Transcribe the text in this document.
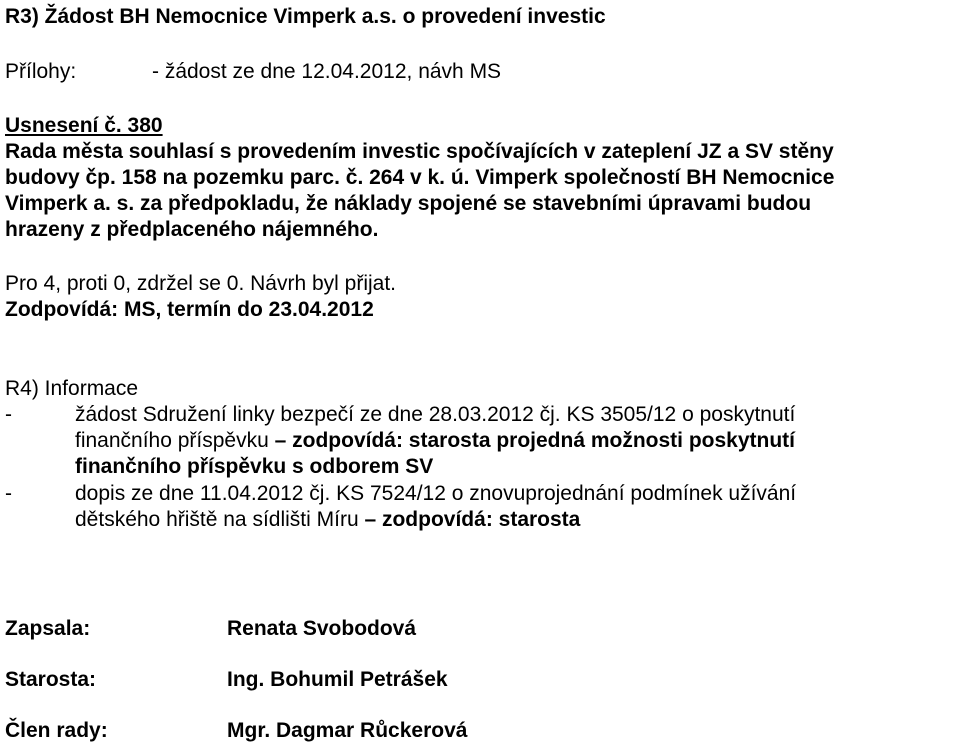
R3) Žádost BH Nemocnice Vimperk a.s. o provedení investic
Přílohy:	- žádost ze dne 12.04.2012, návh MS
Usnesení č. 380
Rada města souhlasí s provedením investic spočívajících v zateplení JZ a SV stěny
budovy čp. 158 na pozemku parc. č. 264 v k. ú. Vimperk společností BH Nemocnice
Vimperk a. s. za předpokladu, že náklady spojené se stavebními úpravami budou
hrazeny z předplaceného nájemného.
Pro 4, proti 0, zdržel se 0. Návrh byl přijat.
Zodpovídá: MS, termín do 23.04.2012
R4) Informace
-	žádost Sdružení linky bezpečí ze dne 28.03.2012 čj. KS 3505/12 o poskytnutí
finančního příspěvku – zodpovídá: starosta projedná možnosti poskytnutí
finančního příspěvku s odborem SV
-	dopis ze dne 11.04.2012 čj. KS 7524/12 o znovuprojednání podmínek užívání
dětského hřiště na sídlišti Míru – zodpovídá: starosta
Zapsala:	Renata Svobodová
Starosta:	Ing. Bohumil Petrášek
Člen rady:	Mgr. Dagmar Růckerová
